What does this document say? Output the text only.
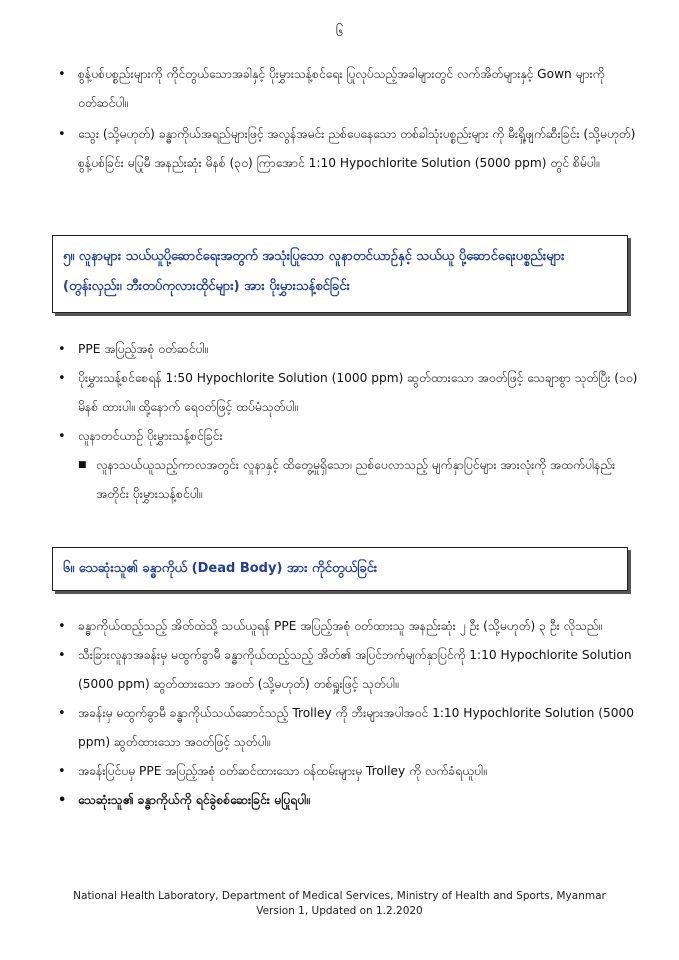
၆
• စွန့်ပစ်ပစ္စည်းများကို ကိုင်တွယ်သောအခါနှင့် ပိုးမွှားသန့်စင်ရေး ပြုလုပ်သည့်အခါများတွင် လက်အိတ်များနှင့် Gown များကို ဝတ်ဆင်ပါ။
• သွေး (သို့မဟုတ်) ခန္ဓာကိုယ်အရည်များဖြင့် အလွန်အမင်း ညစ်ပေနေသော တစ်ခါသုံးပစ္စည်းများ ကို မီးရှို့ဖျက်ဆီးခြင်း (သို့မဟုတ်) စွန့်ပစ်ခြင်း မပြုမီ အနည်းဆုံး မိနစ် (၃၀) ကြာအောင် 1:10 Hypochlorite Solution (5000 ppm) တွင် စိမ်ပါ။
၅။ လူနာများ သယ်ယူပို့ဆောင်ရေးအတွက် အသုံးပြုသော လူနာတင်ယာဉ်နှင့် သယ်ယူ ပို့ဆောင်ရေးပစ္စည်းများ (တွန်းလှည်း၊ ဘီးတပ်ကုလားထိုင်များ) အား ပိုးမွှားသန့်စင်ခြင်း
• PPE အပြည့်အစုံ ဝတ်ဆင်ပါ။
• ပိုးမွှားသန့်စင်စေရန် 1:50 Hypochlorite Solution (1000 ppm) ဆွတ်ထားသော အဝတ်ဖြင့် သေချာစွာ သုတ်ပြီး (၁၀) မိနစ် ထားပါ။ ထို့နောက် ရေဝတ်ဖြင့် ထပ်မံသုတ်ပါ။
• လူနာတင်ယာဉ် ပိုးမွှားသန့်စင်ခြင်း
■ လူနာသယ်ယူသည့်ကာလအတွင်း လူနာနှင့် ထိတွေ့မှုရှိသော၊ ညစ်ပေလာသည့် မျက်နှာပြင်များ အားလုံးကို အထက်ပါနည်းအတိုင်း ပိုးမွှားသန့်စင်ပါ။
၆။ သေဆုံးသူ၏ ခန္ဓာကိုယ် (Dead Body) အား ကိုင်တွယ်ခြင်း
• ခန္ဓာကိုယ်ထည့်သည့် အိတ်ထဲသို့ သယ်ယူရန် PPE အပြည့်အစုံ ဝတ်ထားသူ အနည်းဆုံး ၂ ဦး (သို့မဟုတ်) ၃ ဦး လိုသည်။
• သီးခြားလူနာအခန်းမှ မထွက်ခွာမီ ခန္ဓာကိုယ်ထည့်သည့် အိတ်၏ အပြင်ဘက်မျက်နှာပြင်ကို 1:10 Hypochlorite Solution (5000 ppm) ဆွတ်ထားသော အဝတ် (သို့မဟုတ်) တစ်ရှူးဖြင့် သုတ်ပါ။
• အခန်းမှ မထွက်ခွာမီ ခန္ဓာကိုယ်သယ်ဆောင်သည့် Trolley ကို ဘီးများအပါအဝင် 1:10 Hypochlorite Solution (5000 ppm) ဆွတ်ထားသော အဝတ်ဖြင့် သုတ်ပါ။
• အခန်းပြင်ပမှ PPE အပြည့်အစုံ ဝတ်ဆင်ထားသော ဝန်ထမ်းများမှ Trolley ကို လက်ခံရယူပါ။
• သေဆုံးသူ၏ ခန္ဓာကိုယ်ကို ရင်ခွဲစစ်ဆေးခြင်း မပြုရပါ။
National Health Laboratory, Department of Medical Services, Ministry of Health and Sports, Myanmar
Version 1, Updated on 1.2.2020
